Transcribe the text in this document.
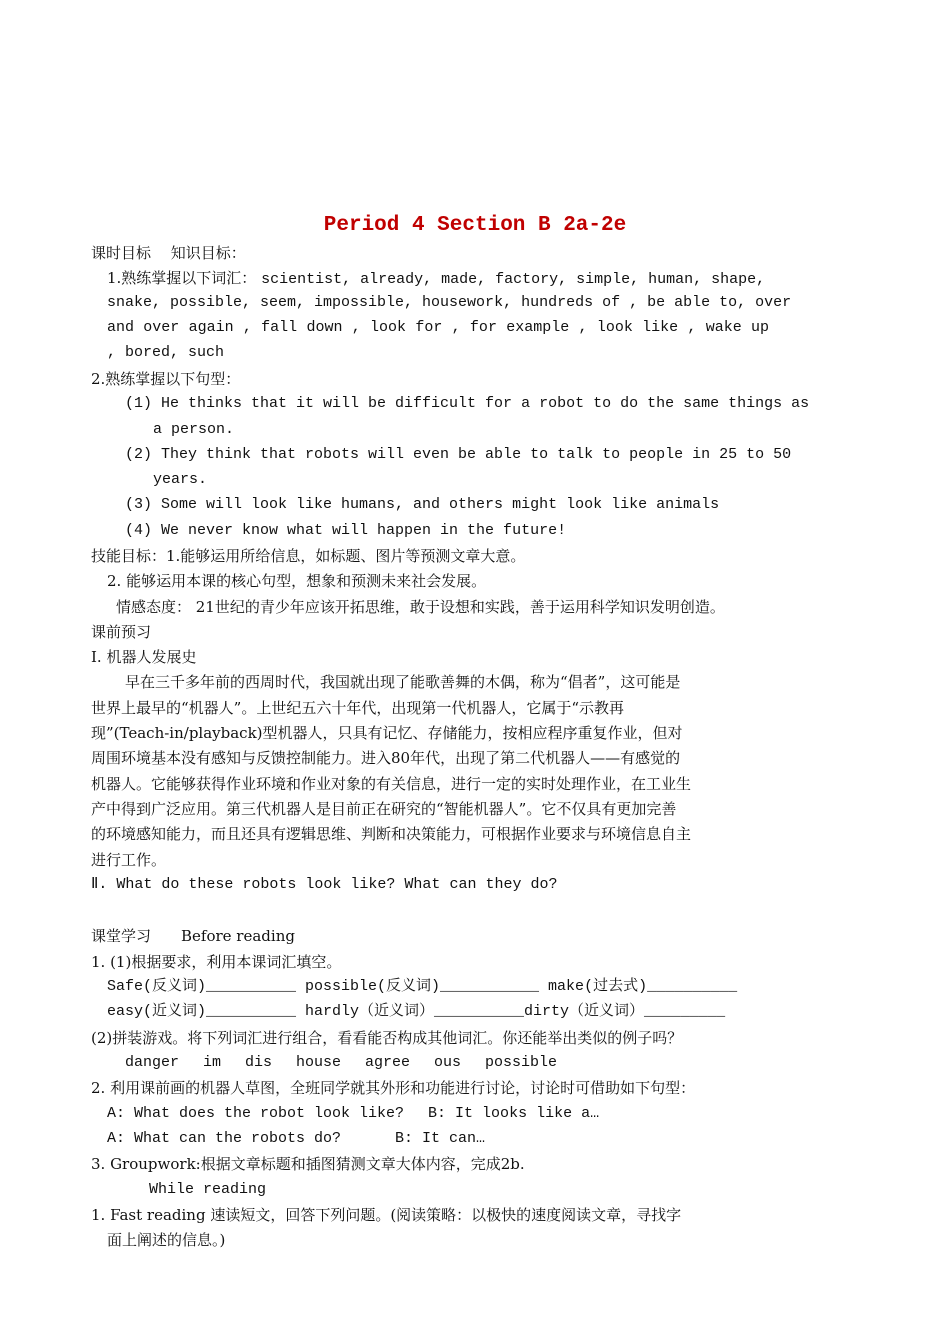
Period 4 Section B 2a-2e
课时目标　 知识目标：
1.熟练掌握以下词汇： scientist, already, made, factory, simple, human, shape,
snake, possible, seem, impossible, housework, hundreds of , be able to, over
and over again , fall down , look for , for example , look like , wake up
, bored, such
2.熟练掌握以下句型：
(1) He thinks that it will be difficult for a robot to do the same things as
a person.
(2) They think that robots will even be able to talk to people in 25 to 50
years.
(3) Some will look like humans, and others might look like animals
(4) We never know what will happen in the future!
技能目标：1.能够运用所给信息，如标题、图片等预测文章大意。
2. 能够运用本课的核心句型，想象和预测未来社会发展。
情感态度： 21世纪的青少年应该开拓思维，敢于设想和实践，善于运用科学知识发明创造。
课前预习
Ⅰ. 机器人发展史
早在三千多年前的西周时代，我国就出现了能歌善舞的木偶，称为“倡者”，这可能是
世界上最早的“机器人”。上世纪五六十年代，出现第一代机器人，它属于“示教再
现”(Teach-in/playback)型机器人，只具有记忆、存储能力，按相应程序重复作业，但对
周围环境基本没有感知与反馈控制能力。进入80年代，出现了第二代机器人——有感觉的
机器人。它能够获得作业环境和作业对象的有关信息，进行一定的实时处理作业，在工业生
产中得到广泛应用。第三代机器人是目前正在研究的“智能机器人”。它不仅具有更加完善
的环境感知能力，而且还具有逻辑思维、判断和决策能力，可根据作业要求与环境信息自主
进行工作。
Ⅱ. What do these robots look like? What can they do?
课堂学习　　Before reading
1. (1)根据要求，利用本课词汇填空。
Safe(反义词)__________ possible(反义词)___________ make(过去式)__________
easy(近义词)__________ hardly（近义词）__________dirty（近义词）_________
(2)拼装游戏。将下列词汇进行组合，看看能否构成其他词汇。你还能举出类似的例子吗？
danger　 im　 dis　 house　 agree　 ous　 possible
2. 利用课前画的机器人草图，全班同学就其外形和功能进行讨论，讨论时可借助如下句型：
A: What does the robot look like?　 B: It looks like a…
A: What can the robots do?　　　 B: It can…
3. Groupwork:根据文章标题和插图猜测文章大体内容，完成2b.
While reading
1. Fast reading 速读短文，回答下列问题。(阅读策略：以极快的速度阅读文章，寻找字
面上阐述的信息。)
